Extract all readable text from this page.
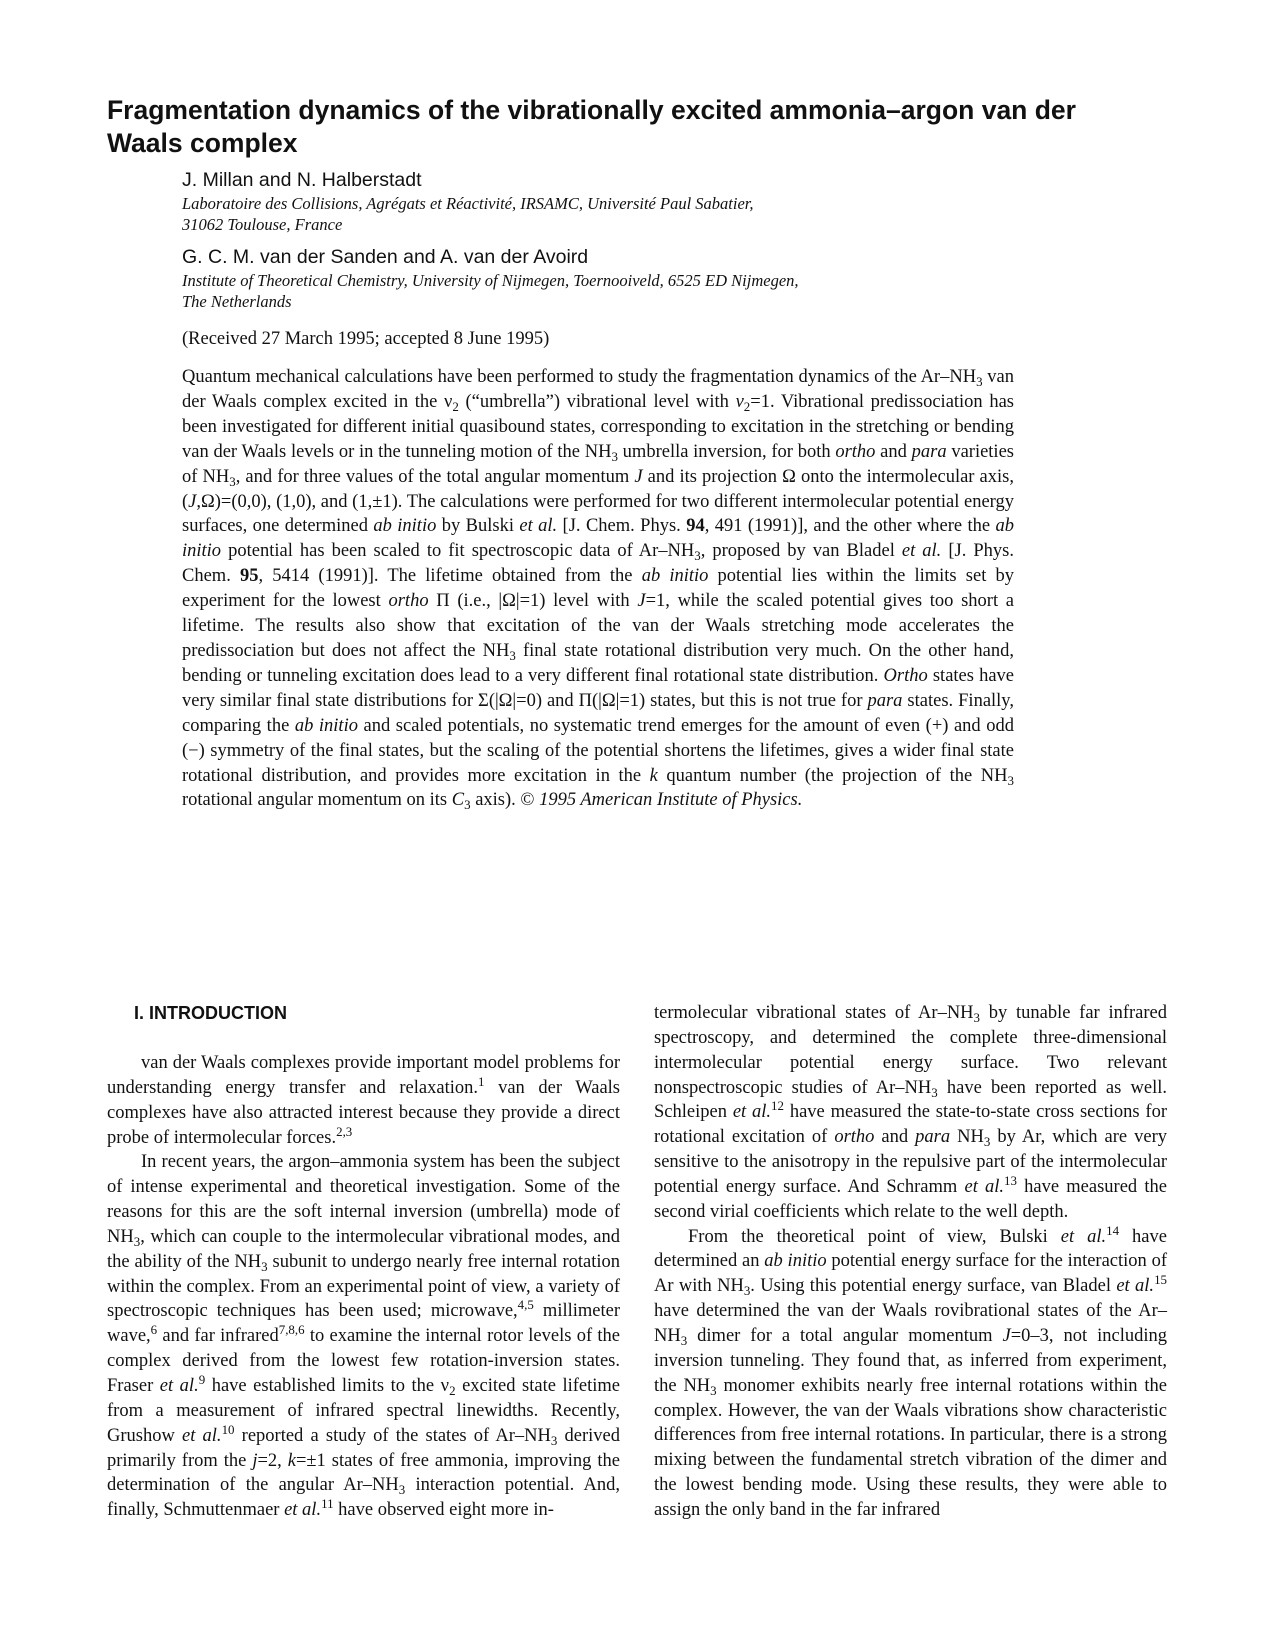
Fragmentation dynamics of the vibrationally excited ammonia–argon van der Waals complex
J. Millan and N. Halberstadt
Laboratoire des Collisions, Agrégats et Réactivité, IRSAMC, Université Paul Sabatier,
31062 Toulouse, France
G. C. M. van der Sanden and A. van der Avoird
Institute of Theoretical Chemistry, University of Nijmegen, Toernooiveld, 6525 ED Nijmegen,
The Netherlands
(Received 27 March 1995; accepted 8 June 1995)

Quantum mechanical calculations have been performed to study the fragmentation dynamics of the $Ar-NH_3$ van der Waals complex excited in the $\nu_2$ (“umbrella”) vibrational level with $v_2=1$. Vibrational predissociation has been investigated for different initial quasibound states, corresponding to excitation in the stretching or bending van der Waals levels or in the tunneling motion of the $NH_3$ umbrella inversion, for both ortho and para varieties of $NH_3$, and for three values of the total angular momentum J and its projection Ω onto the intermolecular axis, (J,Ω)=(0,0), (1,0), and (1,±1). The calculations were performed for two different intermolecular potential energy surfaces, one determined ab initio by Bulski et al. [J. Chem. Phys. 94, 491 (1991)], and the other where the ab initio potential has been scaled to fit spectroscopic data of $Ar-NH_3$, proposed by van Bladel et al. [J. Phys. Chem. 95, 5414 (1991)]. The lifetime obtained from the ab initio potential lies within the limits set by experiment for the lowest ortho Π (i.e., |Ω|=1) level with J=1, while the scaled potential gives too short a lifetime. The results also show that excitation of the van der Waals stretching mode accelerates the predissociation but does not affect the $NH_3$ final state rotational distribution very much. On the other hand, bending or tunneling excitation does lead to a very different final rotational state distribution. Ortho states have very similar final state distributions for Σ(|Ω|=0) and Π(|Ω|=1) states, but this is not true for para states. Finally, comparing the ab initio and scaled potentials, no systematic trend emerges for the amount of even (+) and odd (−) symmetry of the final states, but the scaling of the potential shortens the lifetimes, gives a wider final state rotational distribution, and provides more excitation in the k quantum number (the projection of the $NH_3$ rotational angular momentum on its $C_3$ axis). © 1995 American Institute of Physics.

I. INTRODUCTION

van der Waals complexes provide important model problems for understanding energy transfer and relaxation.$^1$ van der Waals complexes have also attracted interest because they provide a direct probe of intermolecular forces.$^{2,3}$

In recent years, the argon–ammonia system has been the subject of intense experimental and theoretical investigation. Some of the reasons for this are the soft internal inversion (umbrella) mode of $NH_3$, which can couple to the intermolecular vibrational modes, and the ability of the $NH_3$ subunit to undergo nearly free internal rotation within the complex. From an experimental point of view, a variety of spectroscopic techniques has been used; microwave,$^{4,5}$ millimeter wave,$^6$ and far infrared$^{7,8,6}$ to examine the internal rotor levels of the complex derived from the lowest few rotation-inversion states. Fraser et al.$^9$ have established limits to the $\nu_2$ excited state lifetime from a measurement of infrared spectral linewidths. Recently, Grushow et al.$^{10}$ reported a study of the states of $Ar-NH_3$ derived primarily from the j=2, k=±1 states of free ammonia, improving the determination of the angular $Ar-NH_3$ interaction potential. And, finally, Schmuttenmaer et al.$^{11}$ have observed eight more in-

termolecular vibrational states of $Ar-NH_3$ by tunable far infrared spectroscopy, and determined the complete three-dimensional intermolecular potential energy surface. Two relevant nonspectroscopic studies of $Ar-NH_3$ have been reported as well. Schleipen et al.$^{12}$ have measured the state-to-state cross sections for rotational excitation of ortho and para $NH_3$ by Ar, which are very sensitive to the anisotropy in the repulsive part of the intermolecular potential energy surface. And Schramm et al.$^{13}$ have measured the second virial coefficients which relate to the well depth.

From the theoretical point of view, Bulski et al.$^{14}$ have determined an ab initio potential energy surface for the interaction of Ar with $NH_3$. Using this potential energy surface, van Bladel et al.$^{15}$ have determined the van der Waals rovibrational states of the $Ar-NH_3$ dimer for a total angular momentum J=0–3, not including inversion tunneling. They found that, as inferred from experiment, the $NH_3$ monomer exhibits nearly free internal rotations within the complex. However, the van der Waals vibrations show characteristic differences from free internal rotations. In particular, there is a strong mixing between the fundamental stretch vibration of the dimer and the lowest bending mode. Using these results, they were able to assign the only band in the far infrared
